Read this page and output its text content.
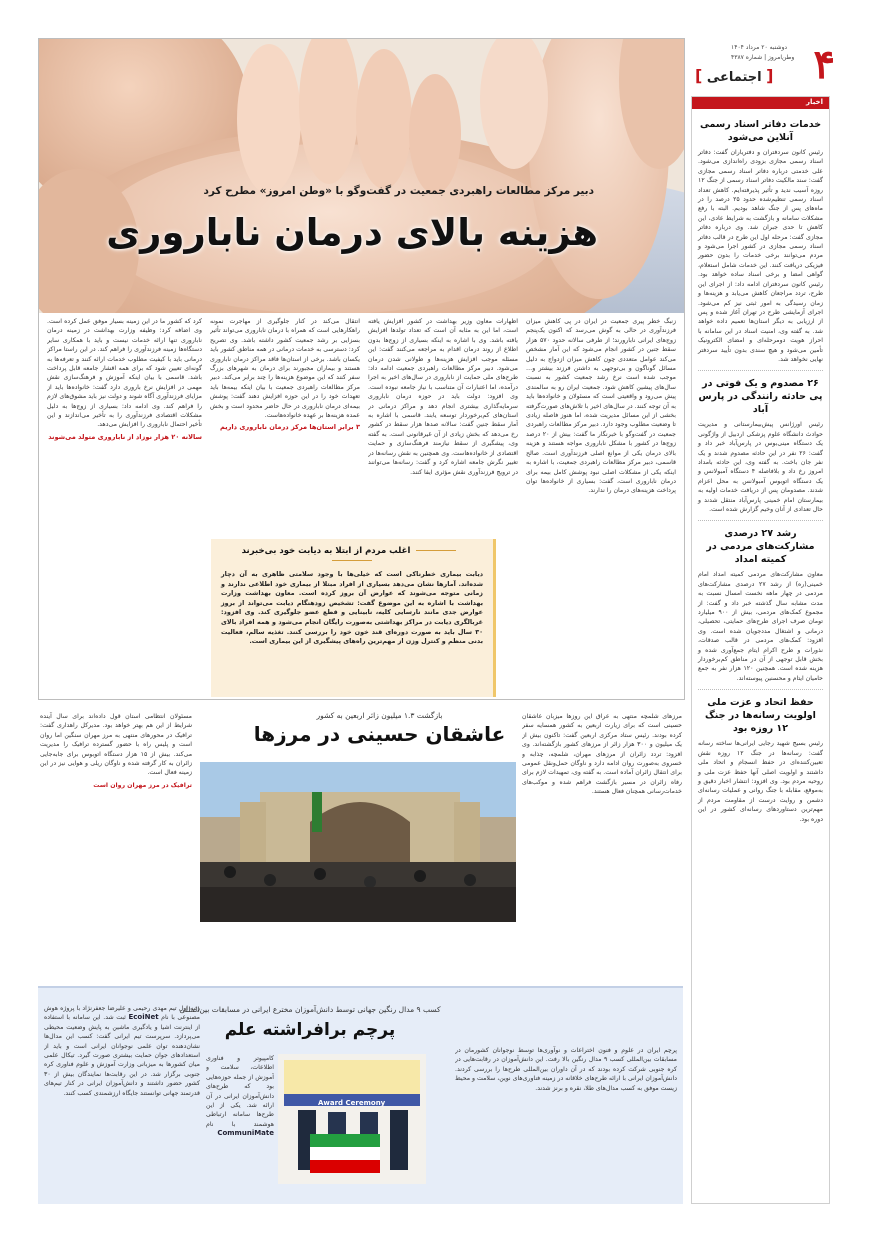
۴
دوشنبه ۲۰ مرداد ۱۴۰۴
وطن‌امروز | شماره ۴۳۸۷
[ اجتماعی ]
اخبار
خدمات دفاتر اسناد رسمی آنلاین می‌شود

رئیس کانون سردفتران و دفتریاران گفت: دفاتر اسناد رسمی مجازی بزودی راه‌اندازی می‌شود. علی خدمتی درباره دفاتر اسناد رسمی مجازی گفت: سند مالکیت دفاتر اسناد رسمی از جنگ ۱۲ روزه آسیب ندید و تأثیر پذیرفته‌ایم. کاهش تعداد اسناد رسمی تنظیم‌شده حدود ۲۵ درصد را در ماه‌های پس از جنگ شاهد بودیم. البته با رفع مشکلات سامانه و بازگشت به شرایط عادی، این کاهش تا حدی جبران شد. وی درباره دفاتر مجازی گفت: مرحله اول این طرح در قالب دفاتر اسناد رسمی مجازی در کشور اجرا می‌شود و مردم می‌توانند برخی خدمات را بدون حضور فیزیکی دریافت کنند. این خدمات شامل استعلام، گواهی امضا و برخی اسناد ساده خواهد بود. رئیس کانون سردفتران ادامه داد: از اجرای این طرح، تردد مراجعان کاهش می‌یابد و هزینه‌ها و زمان رسیدگی به امور ثبتی نیز کم می‌شود. اجرای آزمایشی طرح در تهران آغاز شده و پس از ارزیابی به دیگر استان‌ها تعمیم داده خواهد شد. به گفته وی، امنیت اسناد در این سامانه با احراز هویت دومرحله‌ای و امضای الکترونیک تأمین می‌شود و هیچ سندی بدون تأیید سردفتر نهایی نخواهد شد.

۲۶ مصدوم و یک فوتی در پی حادثه رانندگی در پارس آباد

رئیس اورژانس پیش‌بیمارستانی و مدیریت حوادث دانشگاه علوم پزشکی اردبیل از واژگونی یک دستگاه مینی‌بوس در پارس‌آباد خبر داد و گفت: ۲۶ نفر در این حادثه مصدوم شدند و یک نفر جان باخت. به گفته وی، این حادثه بامداد امروز رخ داد و بلافاصله ۴ دستگاه آمبولانس و یک دستگاه اتوبوس آمبولانس به محل اعزام شدند. مصدومان پس از دریافت خدمات اولیه به بیمارستان امام خمینی پارس‌آباد منتقل شدند و حال تعدادی از آنان وخیم گزارش شده است.

رشد ۲۷ درصدی مشارکت‌های مردمی در کمیته امداد

معاون مشارکت‌های مردمی کمیته امداد امام خمینی(ره) از رشد ۲۷ درصدی مشارکت‌های مردمی در چهار ماهه نخست امسال نسبت به مدت مشابه سال گذشته خبر داد و گفت: از مجموع کمک‌های مردمی، بیش از ۹۰۰ میلیارد تومان صرف اجرای طرح‌های حمایتی، تحصیلی، درمانی و اشتغال مددجویان شده است. وی افزود: کمک‌های مردمی در قالب صدقات، نذورات و طرح اکرام ایتام جمع‌آوری شده و بخش قابل توجهی از آن در مناطق کم‌برخوردار هزینه شده است. همچنین ۱۲۰ هزار نفر به جمع حامیان ایتام و محسنین پیوسته‌اند.

حفظ اتحاد و عزت ملی اولویت رسانه‌ها در جنگ ۱۲ روزه بود

رئیس بسیج شهید رجایی ایرانی‌ها ساخته رسانه گفت: رسانه‌ها در جنگ ۱۲ روزه نقش تعیین‌کننده‌ای در حفظ انسجام و اتحاد ملی داشتند و اولویت اصلی آنها حفظ عزت ملی و روحیه مردم بود. وی افزود: انتشار اخبار دقیق و به‌موقع، مقابله با جنگ روانی و عملیات رسانه‌ای دشمن و روایت درست از مقاومت مردم از مهم‌ترین دستاوردهای رسانه‌ای کشور در این دوره بود.

دبیر مرکز مطالعات راهبردی جمعیت در گفت‌وگو با «وطن امروز» مطرح کرد
هزینه بالای درمان ناباروری
زنبگ خطر پیری جمعیت در ایران در پی کاهش میزان فرزندآوری در حالی به گوش می‌رسد که اکنون یک‌پنجم زوج‌های ایرانی نابارورند؛ از طرفی سالانه حدود ۵۷۰ هزار سقط جنین در کشور انجام می‌شود که این آمار مشخص می‌کند عوامل متعددی چون کاهش میزان ازدواج به دلیل مسائل گوناگون و بی‌توجهی به داشتن فرزند بیشتر و… موجب شده است نرخ رشد جمعیت کشور به نسبت سال‌های پیشین کاهش شود. جمعیت ایران رو به سالمندی پیش می‌رود و واقعیتی است که مسئولان و خانواده‌ها باید به آن توجه کنند. در سال‌های اخیر با تلاش‌های صورت‌گرفته بخشی از این مسائل مدیریت شده، اما هنوز فاصله زیادی تا وضعیت مطلوب وجود دارد. دبیر مرکز مطالعات راهبردی جمعیت در گفت‌وگو با خبرنگار ما گفت: بیش از ۲۰ درصد زوج‌ها در کشور با مشکل ناباروری مواجه هستند و هزینه بالای درمان یکی از موانع اصلی فرزندآوری است. صالح قاسمی، دبیر مرکز مطالعات راهبردی جمعیت، با اشاره به اینکه یکی از مشکلات اصلی نبود پوشش کامل بیمه برای درمان ناباروری است، گفت: بسیاری از خانواده‌ها توان پرداخت هزینه‌های درمان را ندارند.
اظهارات معاون وزیر بهداشت در کشور افزایش یافته است، اما این به مثابه آن است که تعداد تولدها افزایش یافته باشد. وی با اشاره به اینکه بسیاری از زوج‌ها بدون اطلاع از روند درمان اقدام به مراجعه می‌کنند گفت: این مسئله موجب افزایش هزینه‌ها و طولانی شدن درمان می‌شود. دبیر مرکز مطالعات راهبردی جمعیت ادامه داد: طرح‌های ملی حمایت از ناباروری در سال‌های اخیر به اجرا درآمده، اما اعتبارات آن متناسب با نیاز جامعه نبوده است. وی افزود: دولت باید در حوزه درمان ناباروری سرمایه‌گذاری بیشتری انجام دهد و مراکز درمانی در استان‌های کم‌برخوردار توسعه یابند. قاسمی با اشاره به آمار سقط جنین گفت: سالانه صدها هزار سقط در کشور رخ می‌دهد که بخش زیادی از آن غیرقانونی است. به گفته وی، پیشگیری از سقط نیازمند فرهنگ‌سازی و حمایت اقتصادی از خانواده‌هاست. وی همچنین به نقش رسانه‌ها در تغییر نگرش جامعه اشاره کرد و گفت: رسانه‌ها می‌توانند در ترویج فرزندآوری نقش مؤثری ایفا کنند.
انتقال می‌کند در کنار جلوگیری از مهاجرت نمونه راهکارهایی است که همراه با درمان ناباروری می‌تواند تأثیر بسزایی بر رشد جمعیت کشور داشته باشد. وی تصریح کرد: دسترسی به خدمات درمانی در همه مناطق کشور باید یکسان باشد. برخی از استان‌ها فاقد مراکز درمان ناباروری هستند و بیماران مجبورند برای درمان به شهرهای بزرگ سفر کنند که این موضوع هزینه‌ها را چند برابر می‌کند. دبیر مرکز مطالعات راهبردی جمعیت با بیان اینکه بیمه‌ها باید تعهدات خود را در این حوزه افزایش دهند گفت: پوشش بیمه‌ای درمان ناباروری در حال حاضر محدود است و بخش عمده هزینه‌ها بر عهده خانواده‌هاست.
۳ برابر استان‌ها مرکز درمان ناباروری داریم
کرد که کشور ما در این زمینه بسیار موفق عمل کرده است. وی اضافه کرد: وظیفه وزارت بهداشت در زمینه درمان ناباروری تنها ارائه خدمات نیست و باید با همکاری سایر دستگاه‌ها زمینه فرزندآوری را فراهم کند. در این راستا مراکز درمانی باید با کیفیت مطلوب خدمات ارائه کنند و تعرفه‌ها به گونه‌ای تعیین شود که برای همه اقشار جامعه قابل پرداخت باشد. قاسمی با بیان اینکه آموزش و فرهنگ‌سازی نقش مهمی در افزایش نرخ باروری دارد گفت: خانواده‌ها باید از مزایای فرزندآوری آگاه شوند و دولت نیز باید مشوق‌های لازم را فراهم کند. وی ادامه داد: بسیاری از زوج‌ها به دلیل مشکلات اقتصادی فرزندآوری را به تأخیر می‌اندازند و این تأخیر احتمال ناباروری را افزایش می‌دهد.
سالانه ۲۰ هزار نوزاد از ناباروری متولد می‌شوند
اغلب مردم از ابتلا به دیابت خود بی‌خبرند
دیابت بیماری خطرناکی است که خیلی‌ها با وجود سلامتی ظاهری به آن دچار شده‌اند. آمارها نشان می‌دهد بسیاری از افراد مبتلا از بیماری خود اطلاعی ندارند و زمانی متوجه می‌شوند که عوارض آن بروز کرده است. معاون بهداشت وزارت بهداشت با اشاره به این موضوع گفت: تشخیص زودهنگام دیابت می‌تواند از بروز عوارض جدی مانند نارسایی کلیه، نابینایی و قطع عضو جلوگیری کند. وی افزود: غربالگری دیابت در مراکز بهداشتی به‌صورت رایگان انجام می‌شود و همه افراد بالای ۳۰ سال باید به صورت دوره‌ای قند خون خود را بررسی کنند. تغذیه سالم، فعالیت بدنی منظم و کنترل وزن از مهم‌ترین راه‌های پیشگیری از این بیماری است.
بازگشت ۱.۳ میلیون زائر اربعین به کشور
عاشقان حسینی در مرزها
مرزهای شلمچه منتهی به عراق این روزها میزبان عاشقان حسینی است که برای زیارت اربعین به کشور همسایه سفر کرده بودند. رئیس ستاد مرکزی اربعین گفت: تاکنون بیش از یک میلیون و ۳۰۰ هزار زائر از مرزهای کشور بازگشته‌اند. وی افزود: تردد زائران از مرزهای مهران، شلمچه، چذابه و خسروی به‌صورت روان ادامه دارد و ناوگان حمل‌ونقل عمومی برای انتقال زائران آماده است. به گفته وی، تمهیدات لازم برای رفاه زائران در مسیر بازگشت فراهم شده و موکب‌های خدمات‌رسانی همچنان فعال هستند.
مسئولان انتظامی استان قول داده‌اند برای سال آینده شرایط از این هم بهتر خواهد بود. مدیرکل راهداری گفت: ترافیک در محورهای منتهی به مرز مهران سنگین اما روان است و پلیس راه با حضور گسترده ترافیک را مدیریت می‌کند. بیش از ۱۵ هزار دستگاه اتوبوس برای جابه‌جایی زائران به کار گرفته شده و ناوگان ریلی و هوایی نیز در این زمینه فعال است.
ترافیک در مرز مهران روان است
کسب ۹ مدال رنگین جهانی توسط دانش‌آموزان مخترع ایرانی در مسابقات بین‌المللی
پرچم برافراشته علم
Award Ceremony
پرچم ایران در علوم و فنون اختراعات و نوآوری‌ها توسط نوجوانان کشورمان در مسابقات بین‌المللی کسب ۹ مدال رنگین بالا رفت. این دانش‌آموزان در رقابت‌هایی در کره جنوبی شرکت کرده بودند که در آن داوران بین‌المللی طرح‌ها را بررسی کردند. دانش‌آموزان ایرانی با ارائه طرح‌های خلاقانه در زمینه فناوری‌های نوین، سلامت و محیط زیست موفق به کسب مدال‌های طلا، نقره و برنز شدند.
کامپیوتر و فناوری اطلاعات، سلامت و آموزش از جمله حوزه‌هایی بود که طرح‌های دانش‌آموزان ایرانی در آن ارائه شد. یکی از این طرح‌ها سامانه ارتباطی هوشمند با نام CommuniMate
رتبه اول تیم مهدی رحیمی و علیرضا جعفرنژاد با پروژه هوش مصنوعی با نام EcoiNet ثبت شد. این سامانه با استفاده از اینترنت اشیا و یادگیری ماشین به پایش وضعیت محیطی می‌پردازد. سرپرست تیم ایرانی گفت: کسب این مدال‌ها نشان‌دهنده توان علمی نوجوانان ایرانی است و باید از استعدادهای جوان حمایت بیشتری صورت گیرد. تیکال علمی میان کشورها به میزبانی وزارت آموزش و علوم فناوری کره جنوبی برگزار شد. در این رقابت‌ها نمایندگان بیش از ۳۰ کشور حضور داشتند و دانش‌آموزان ایرانی در کنار تیم‌های قدرتمند جهانی توانستند جایگاه ارزشمندی کسب کنند.
